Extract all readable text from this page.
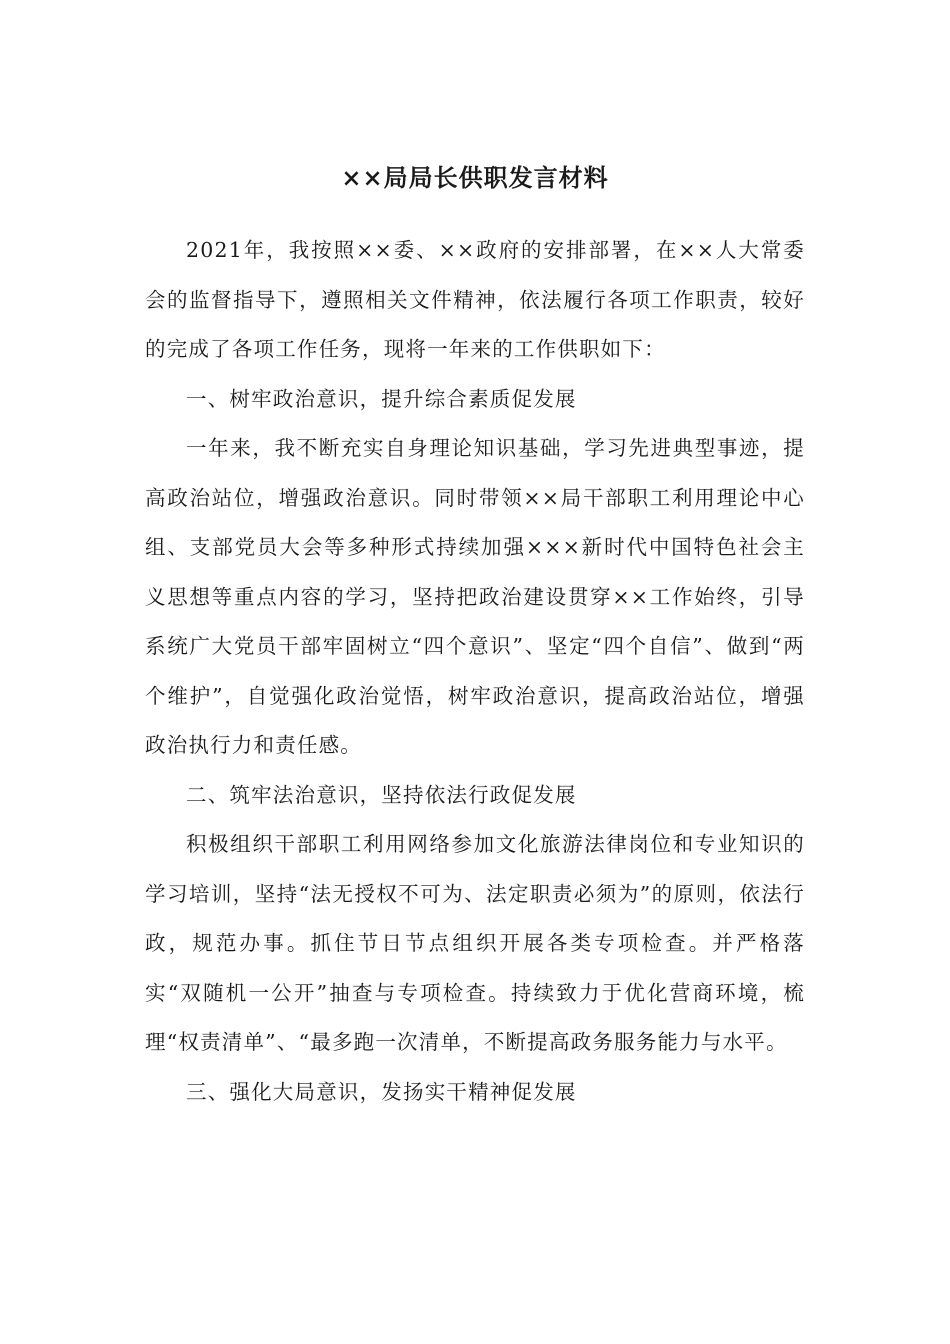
××局局长供职发言材料

2021年，我按照××委、××政府的安排部署，在××人大常委会的监督指导下，遵照相关文件精神，依法履行各项工作职责，较好的完成了各项工作任务，现将一年来的工作供职如下：

一、树牢政治意识，提升综合素质促发展

一年来，我不断充实自身理论知识基础，学习先进典型事迹，提高政治站位，增强政治意识。同时带领××局干部职工利用理论中心组、支部党员大会等多种形式持续加强×××新时代中国特色社会主义思想等重点内容的学习，坚持把政治建设贯穿××工作始终，引导系统广大党员干部牢固树立“四个意识”、坚定“四个自信”、做到“两个维护”，自觉强化政治觉悟，树牢政治意识，提高政治站位，增强政治执行力和责任感。

二、筑牢法治意识，坚持依法行政促发展

积极组织干部职工利用网络参加文化旅游法律岗位和专业知识的学习培训，坚持“法无授权不可为、法定职责必须为”的原则，依法行政，规范办事。抓住节日节点组织开展各类专项检查。并严格落实“双随机一公开”抽查与专项检查。持续致力于优化营商环境，梳理“权责清单”、“最多跑一次清单，不断提高政务服务能力与水平。

三、强化大局意识，发扬实干精神促发展
